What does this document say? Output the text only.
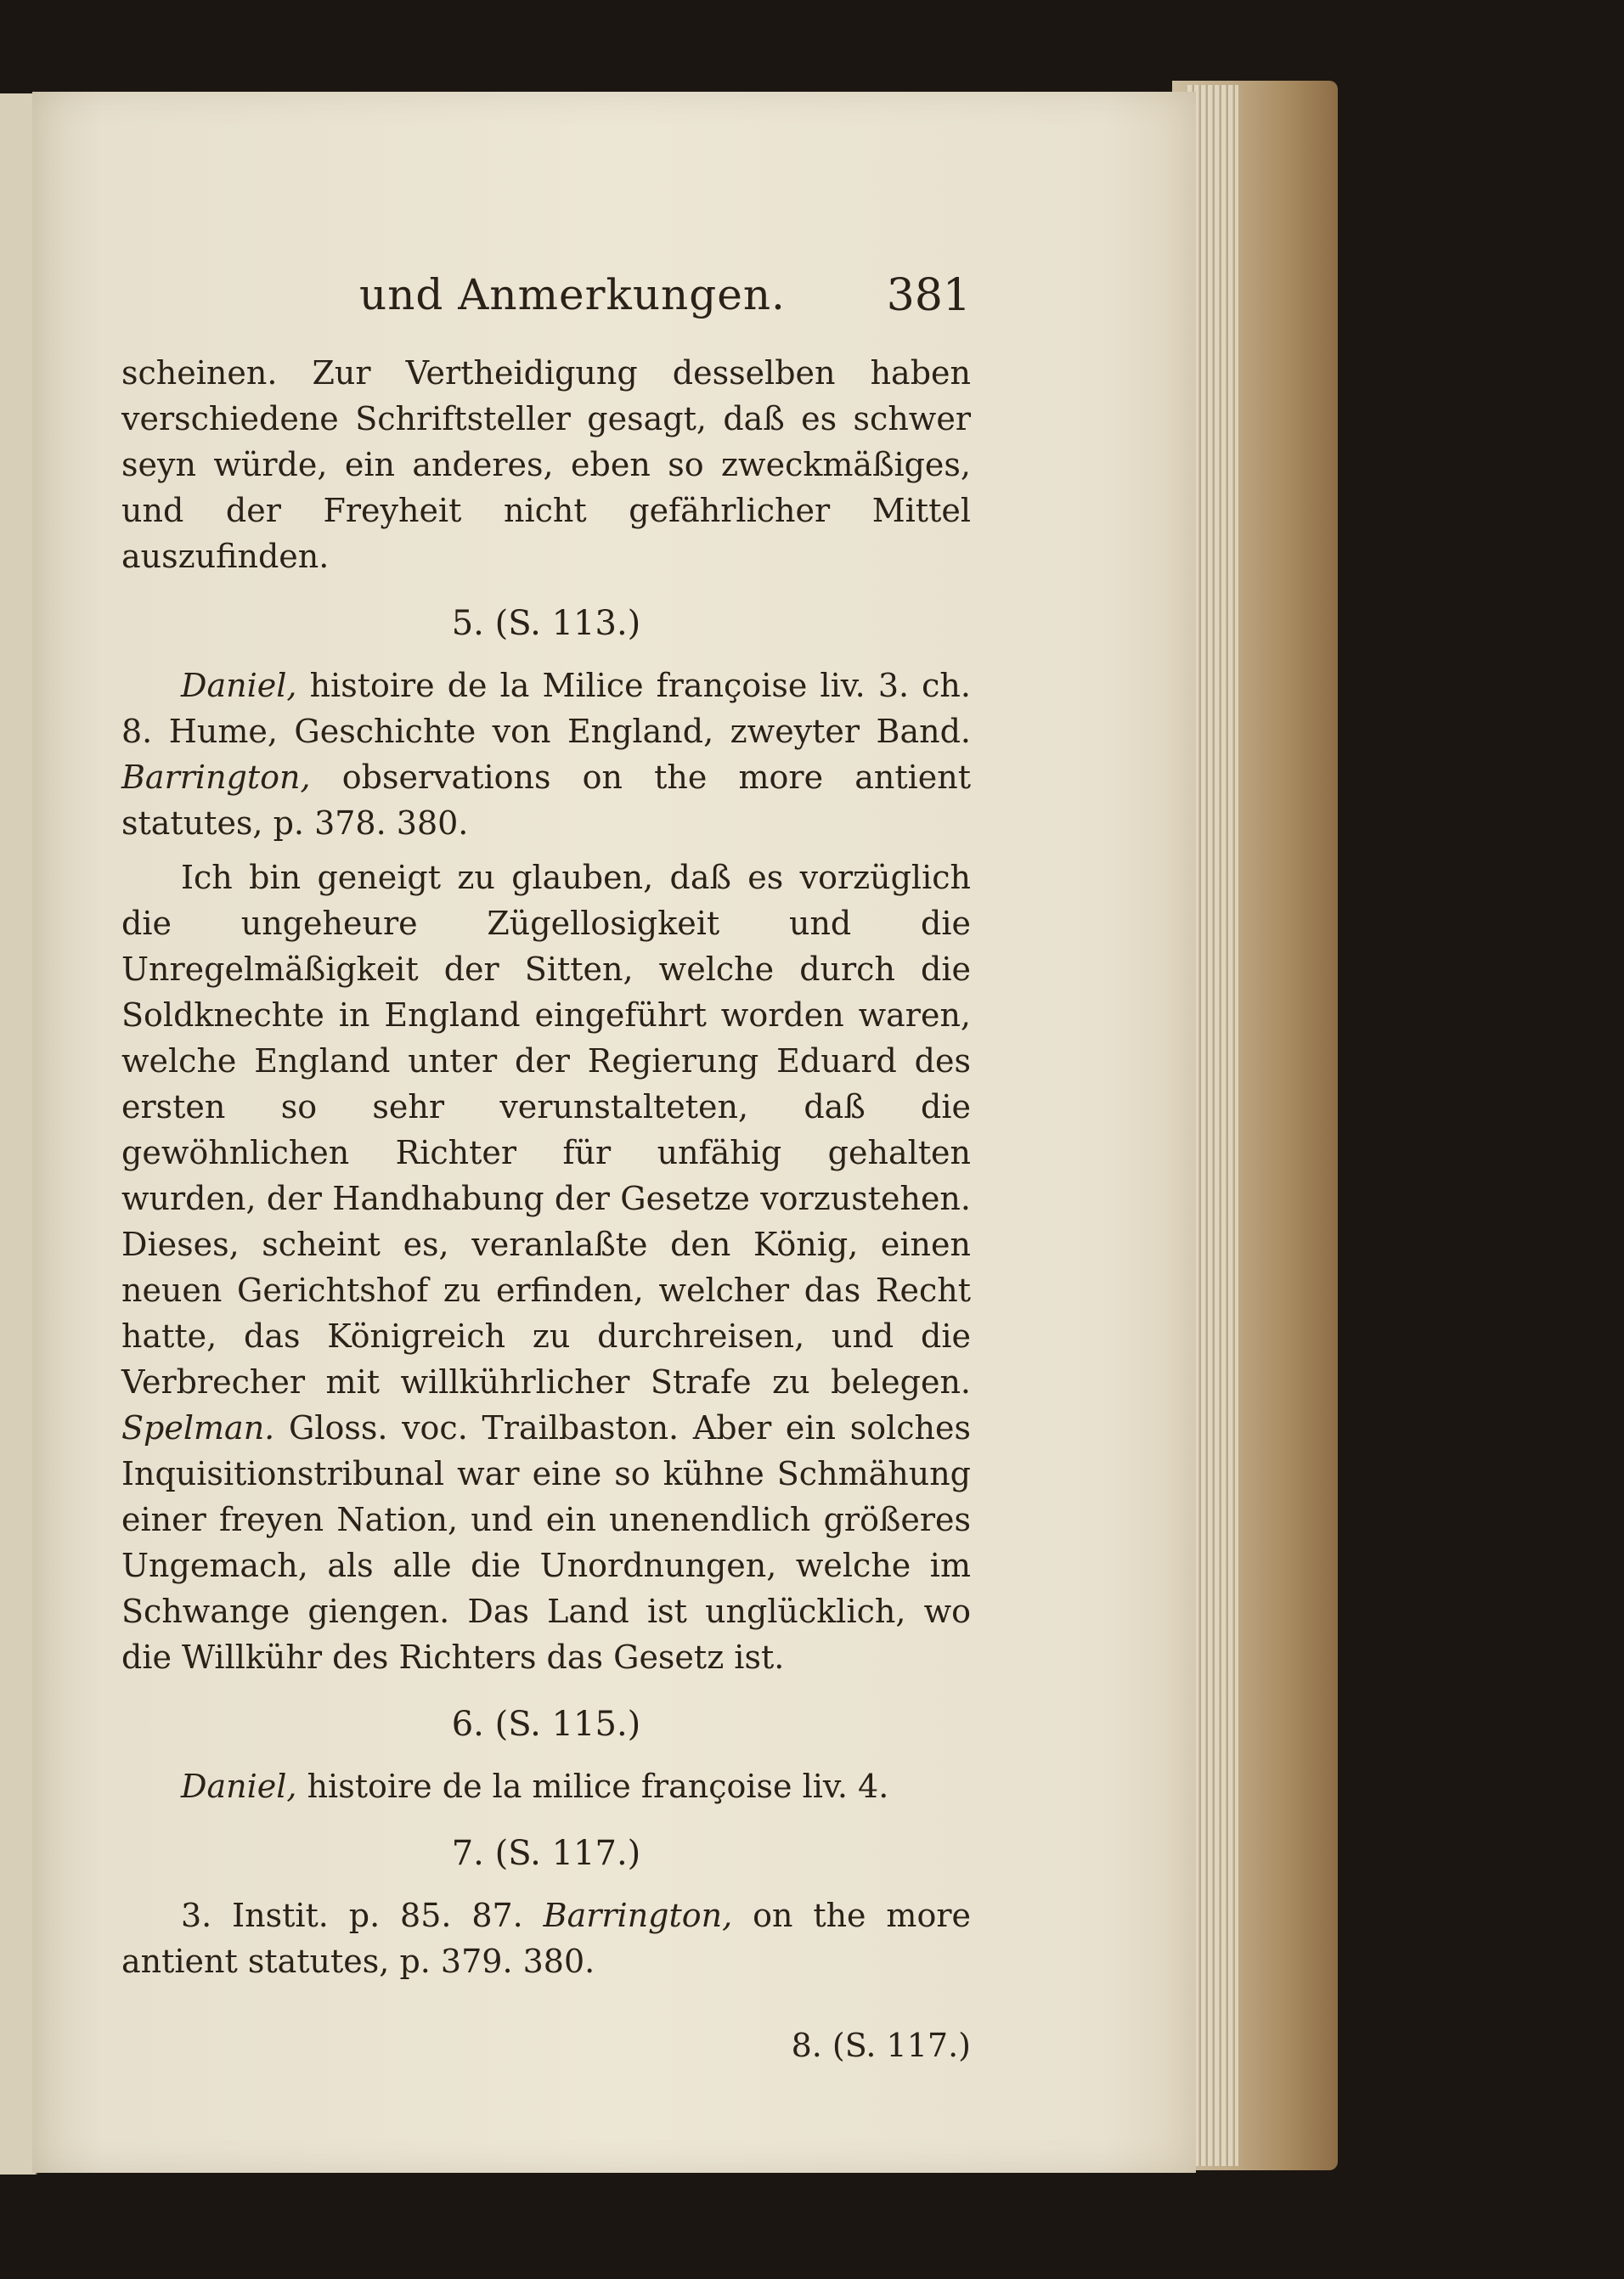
und Anmerkungen. 381

scheinen. Zur Vertheidigung desselben haben verschiedene Schriftsteller gesagt, daß es schwer seyn würde, ein anderes, eben so zweckmäßiges, und der Freyheit nicht gefährlicher Mittel auszufinden.

5. (S. 113.)

Daniel, histoire de la Milice françoise liv. 3. ch. 8. Hume, Geschichte von England, zweyter Band. Barrington, observations on the more antient statutes, p. 378. 380.

Ich bin geneigt zu glauben, daß es vorzüglich die ungeheure Zügellosigkeit und die Unregelmäßigkeit der Sitten, welche durch die Soldknechte in England eingeführt worden waren, welche England unter der Regierung Eduard des ersten so sehr verunstalteten, daß die gewöhnlichen Richter für unfähig gehalten wurden, der Handhabung der Gesetze vorzustehen. Dieses, scheint es, veranlaßte den König, einen neuen Gerichtshof zu erfinden, welcher das Recht hatte, das Königreich zu durchreisen, und die Verbrecher mit willkührlicher Strafe zu belegen. Spelman. Gloss. voc. Trailbaston. Aber ein solches Inquisitionstribunal war eine so kühne Schmähung einer freyen Nation, und ein unenendlich größeres Ungemach, als alle die Unordnungen, welche im Schwange giengen. Das Land ist unglücklich, wo die Willkühr des Richters das Gesetz ist.

6. (S. 115.)

Daniel, histoire de la milice françoise liv. 4.

7. (S. 117.)

3. Instit. p. 85. 87. Barrington, on the more antient statutes, p. 379. 380.

8. (S. 117.)
